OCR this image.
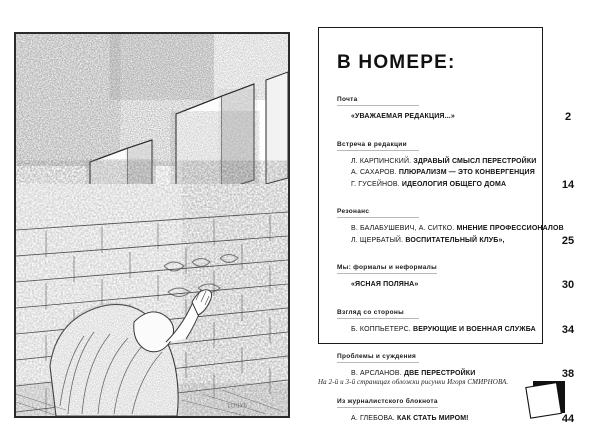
ГОЛУБ
В НОМЕРЕ:
Почта
«УВАЖАЕМАЯ РЕДАКЦИЯ...»	2
Встреча в редакции
Л. КАРПИНСКИЙ. ЗДРАВЫЙ СМЫСЛ ПЕРЕСТРОЙКИ
А. САХАРОВ. ПЛЮРАЛИЗМ — ЭТО КОНВЕРГЕНЦИЯ
Г. ГУСЕЙНОВ. ИДЕОЛОГИЯ ОБЩЕГО ДОМА	14
Резонанс
В. БАЛАБУШЕВИЧ, А. СИТКО. МНЕНИЕ ПРОФЕССИОНАЛОВ
Л. ЩЕРБАТЫЙ. ВОСПИТАТЕЛЬНЫЙ КЛУБ»,	25
Мы: формалы и неформалы
«ЯСНАЯ ПОЛЯНА»	30
Взгляд со стороны
Б. КОППЬЕТЕРС. ВЕРУЮЩИЕ И ВОЕННАЯ СЛУЖБА	34
Проблемы и суждения
В. АРСЛАНОВ. ДВЕ ПЕРЕСТРОЙКИ	38
Из журналистского блокнота
А. ГЛЕБОВА. КАК СТАТЬ МИРОМ!	44
На 2-й и 3-й страницах обложки рисунки Игоря СМИРНОВА.
